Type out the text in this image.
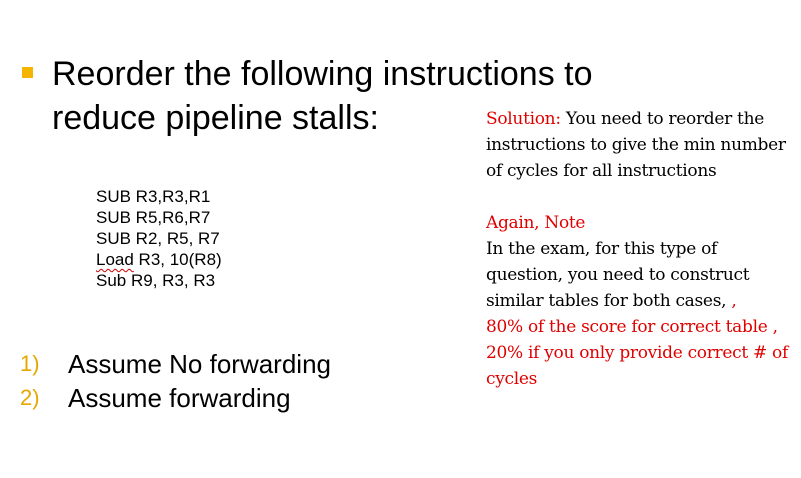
Reorder the following instructions to
reduce pipeline stalls:
SUB R3,R3,R1
SUB R5,R6,R7
SUB R2, R5, R7
Load R3, 10(R8)
Sub R9, R3, R3
1)	Assume No forwarding
2)	Assume forwarding

Solution: You need to reorder the instructions to give the min number of cycles for all instructions

Again, Note

In the exam, for this type of question, you need to construct similar tables for both cases, ,

80% of the score for correct table ,

20% if you only provide correct # of cycles
